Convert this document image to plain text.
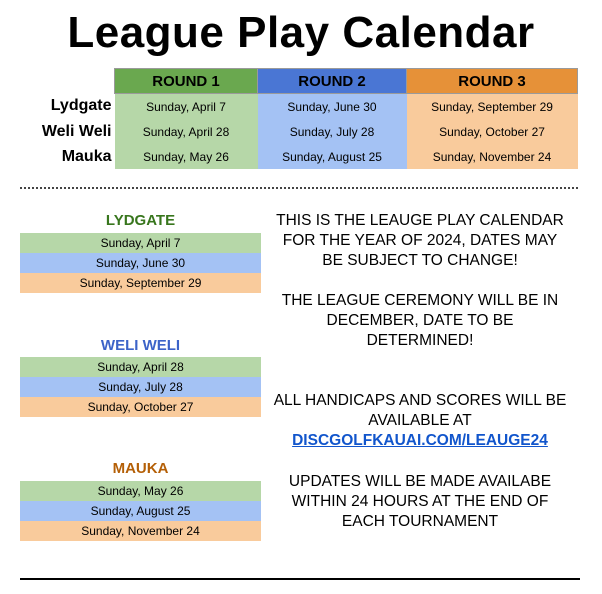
League Play Calendar
	ROUND 1	ROUND 2	ROUND 3
Lydgate	Sunday, April 7	Sunday, June 30	Sunday, September 29
Weli Weli	Sunday, April 28	Sunday, July 28	Sunday, October 27
Mauka	Sunday, May 26	Sunday, August 25	Sunday, November 24
LYDGATE
Sunday, April 7
Sunday, June 30
Sunday, September 29
WELI WELI
Sunday, April 28
Sunday, July 28
Sunday, October 27
MAUKA
Sunday, May 26
Sunday, August 25
Sunday, November 24
THIS IS THE LEAUGE PLAY CALENDAR
FOR THE YEAR OF 2024, DATES MAY
BE SUBJECT TO CHANGE!
THE LEAGUE CEREMONY WILL BE IN
DECEMBER, DATE TO BE
DETERMINED!
ALL HANDICAPS AND SCORES WILL BE
AVAILABLE AT
DISCGOLFKAUAI.COM/LEAUGE24
UPDATES WILL BE MADE AVAILABE
WITHIN 24 HOURS AT THE END OF
EACH TOURNAMENT
